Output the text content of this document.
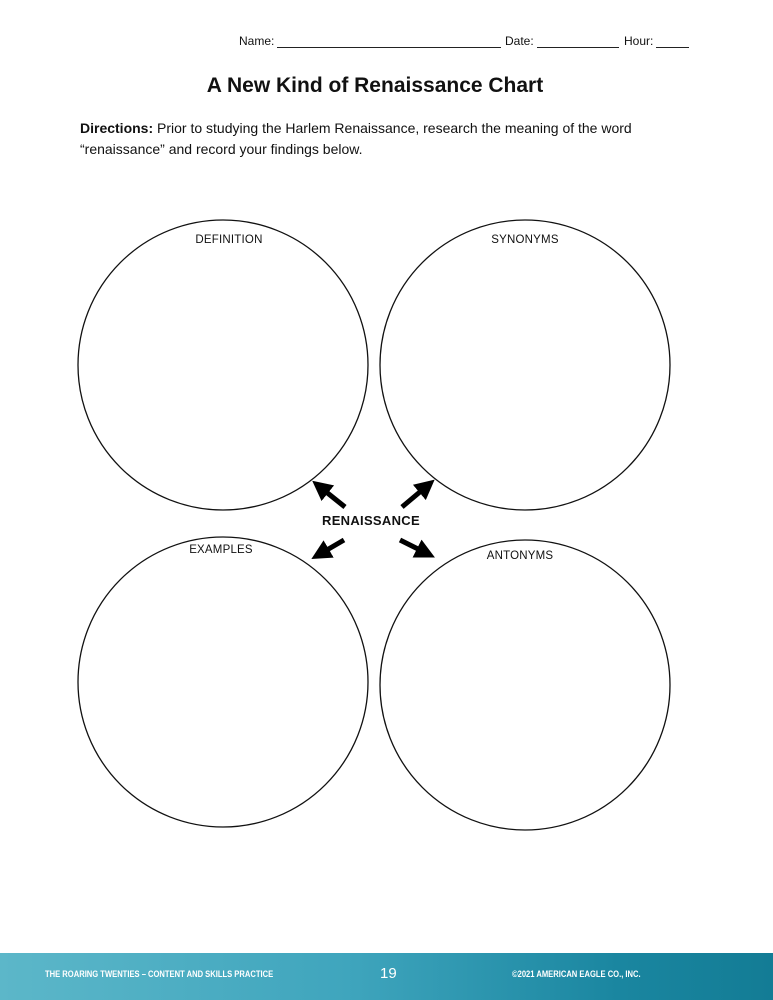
Name:	Date:	Hour:
A New Kind of Renaissance Chart
Directions: Prior to studying the Harlem Renaissance, research the meaning of the word “renaissance” and record your findings below.
DEFINITION	SYNONYMS
EXAMPLES	ANTONYMS
RENAISSANCE
THE ROARING TWENTIES – CONTENT AND SKILLS PRACTICE	19	©2021 AMERICAN EAGLE CO., INC.
